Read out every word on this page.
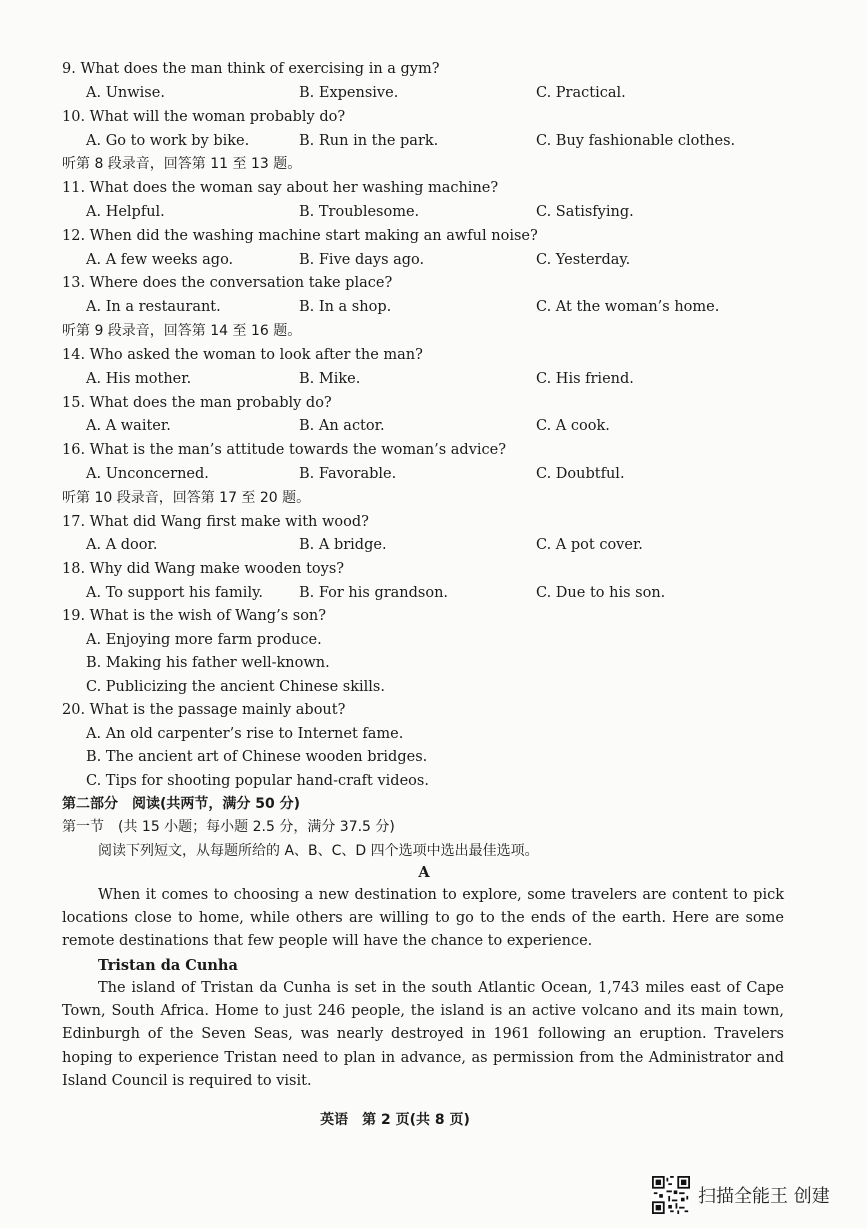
9. What does the man think of exercising in a gym?
A. Unwise.	B. Expensive.	C. Practical.
10. What will the woman probably do?
A. Go to work by bike.	B. Run in the park.	C. Buy fashionable clothes.
听第 8 段录音，回答第 11 至 13 题。
11. What does the woman say about her washing machine?
A. Helpful.	B. Troublesome.	C. Satisfying.
12. When did the washing machine start making an awful noise?
A. A few weeks ago.	B. Five days ago.	C. Yesterday.
13. Where does the conversation take place?
A. In a restaurant.	B. In a shop.	C. At the woman’s home.
听第 9 段录音，回答第 14 至 16 题。
14. Who asked the woman to look after the man?
A. His mother.	B. Mike.	C. His friend.
15. What does the man probably do?
A. A waiter.	B. An actor.	C. A cook.
16. What is the man’s attitude towards the woman’s advice?
A. Unconcerned.	B. Favorable.	C. Doubtful.
听第 10 段录音，回答第 17 至 20 题。
17. What did Wang first make with wood?
A. A door.	B. A bridge.	C. A pot cover.
18. Why did Wang make wooden toys?
A. To support his family. B. For his grandson.	C. Due to his son.
19. What is the wish of Wang’s son?
A. Enjoying more farm produce.
B. Making his father well-known.
C. Publicizing the ancient Chinese skills.
20. What is the passage mainly about?
A. An old carpenter’s rise to Internet fame.
B. The ancient art of Chinese wooden bridges.
C. Tips for shooting popular hand-craft videos.
第二部分　阅读(共两节，满分 50 分)
第一节　(共 15 小题；每小题 2.5 分，满分 37.5 分)
阅读下列短文，从每题所给的 A、B、C、D 四个选项中选出最佳选项。
A

When it comes to choosing a new destination to explore, some travelers are content to pick locations close to home, while others are willing to go to the ends of the earth. Here are some remote destinations that few people will have the chance to experience.

Tristan da Cunha

The island of Tristan da Cunha is set in the south Atlantic Ocean, 1,743 miles east of Cape Town, South Africa. Home to just 246 people, the island is an active volcano and its main town, Edinburgh of the Seven Seas, was nearly destroyed in 1961 following an eruption. Travelers hoping to experience Tristan need to plan in advance, as permission from the Administrator and Island Council is required to visit.

英语　第 2 页(共 8 页)
扫描全能王 创建
